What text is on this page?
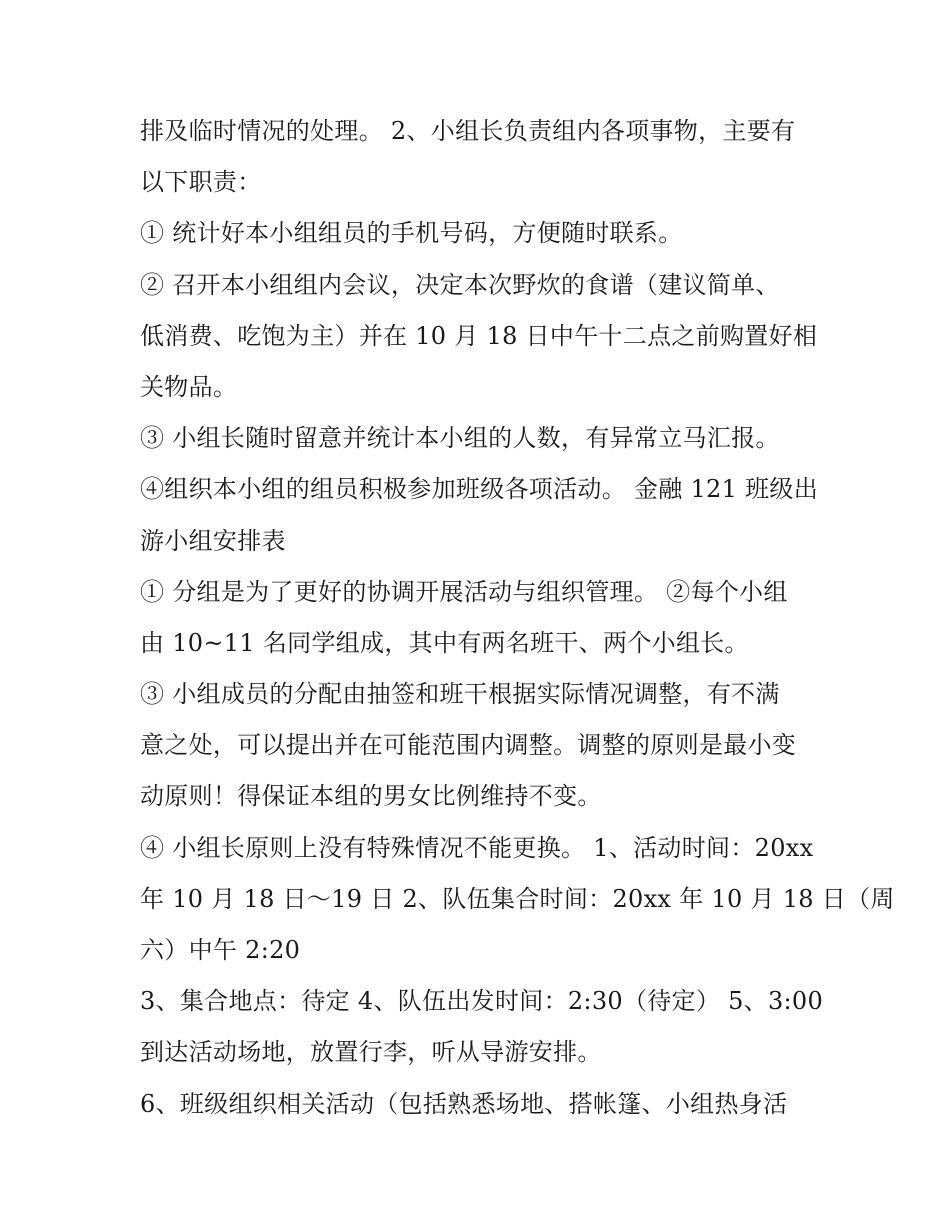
排及临时情况的处理。 2、小组长负责组内各项事物，主要有
以下职责：
① 统计好本小组组员的手机号码，方便随时联系。
② 召开本小组组内会议，决定本次野炊的食谱（建议简单、
低消费、吃饱为主）并在 10 月 18 日中午十二点之前购置好相
关物品。
③ 小组长随时留意并统计本小组的人数，有异常立马汇报。
④组织本小组的组员积极参加班级各项活动。 金融 121 班级出
游小组安排表
① 分组是为了更好的协调开展活动与组织管理。 ②每个小组
由 10~11 名同学组成，其中有两名班干、两个小组长。
③ 小组成员的分配由抽签和班干根据实际情况调整，有不满
意之处，可以提出并在可能范围内调整。调整的原则是最小变
动原则！得保证本组的男女比例维持不变。
④ 小组长原则上没有特殊情况不能更换。 1、活动时间：20xx
年 10 月 18 日～19 日 2、队伍集合时间：20xx 年 10 月 18 日（周
六）中午 2:20
3、集合地点：待定 4、队伍出发时间：2:30（待定） 5、3:00
到达活动场地，放置行李，听从导游安排。
6、班级组织相关活动（包括熟悉场地、搭帐篷、小组热身活
